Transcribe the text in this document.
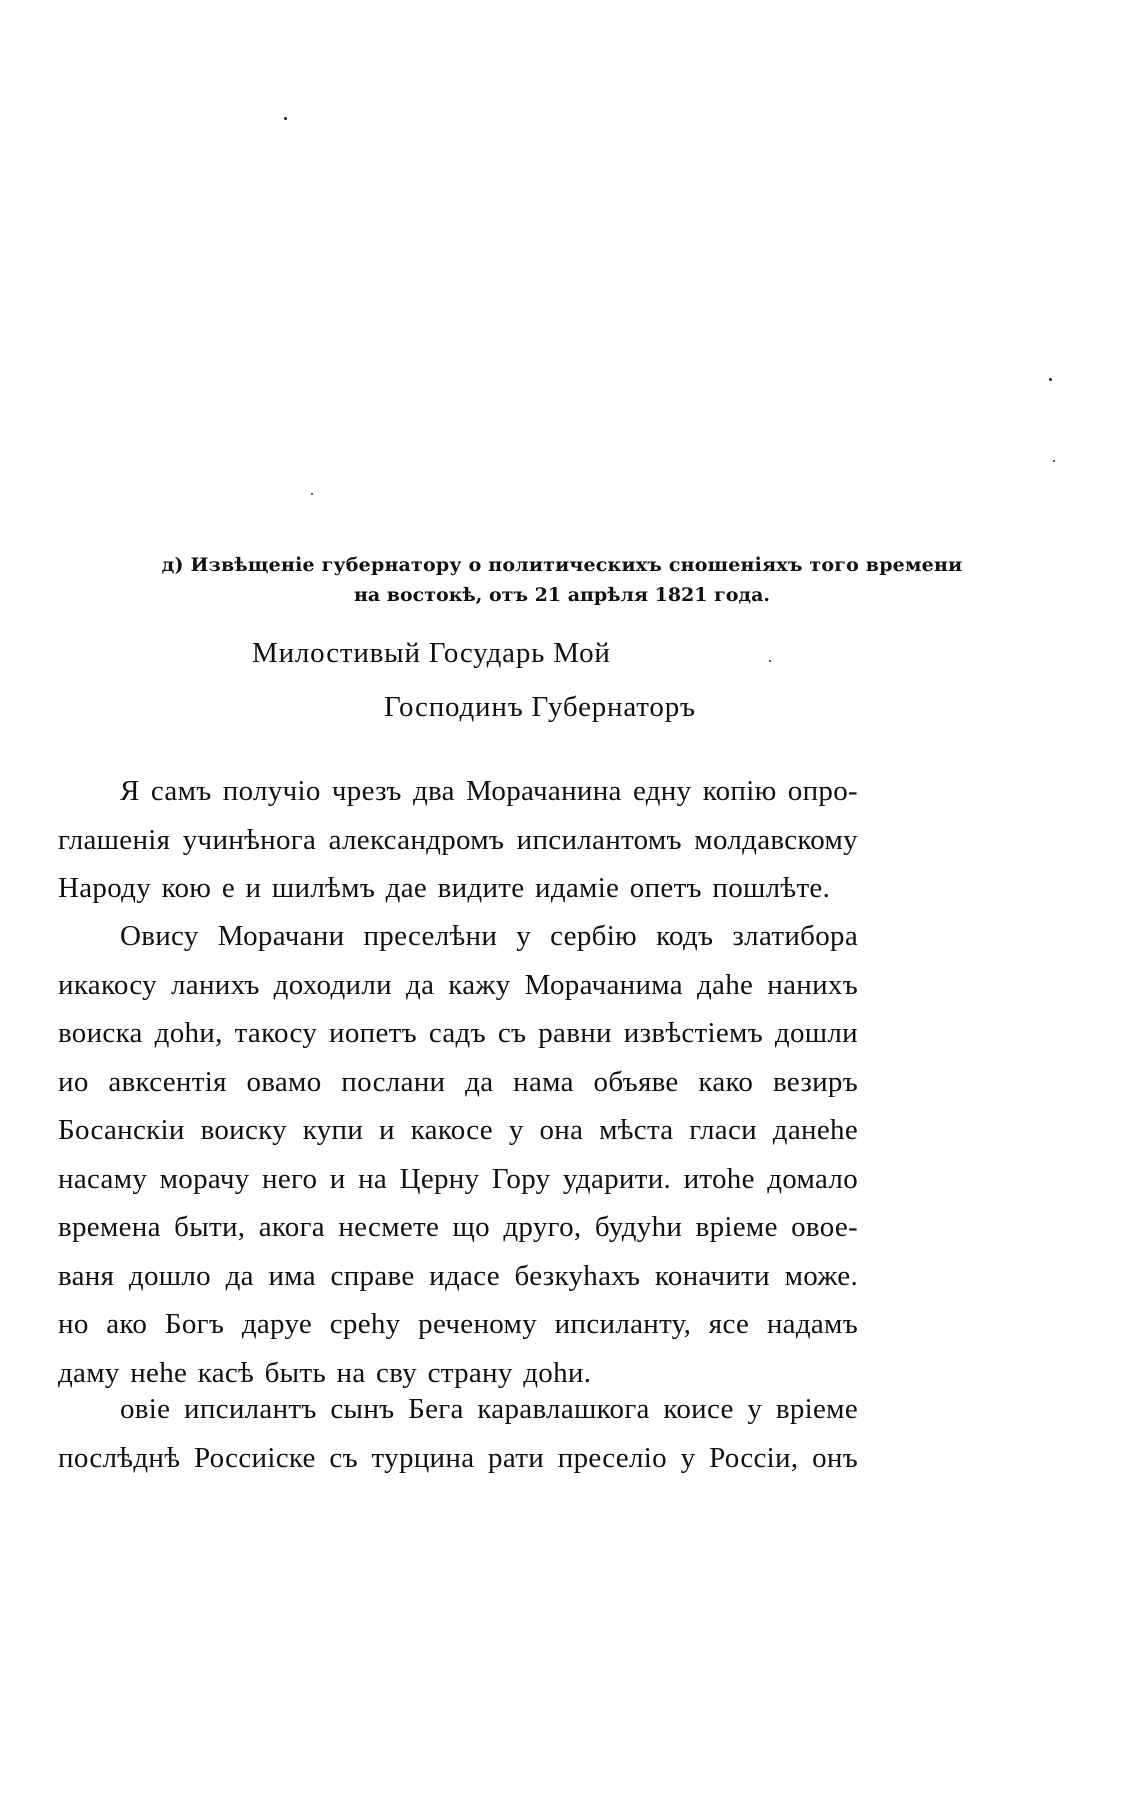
д) Извѣщеніе губернатору о политическихъ сношеніяхъ того времени
на востокѣ, отъ 21 апрѣля 1821 года.
Милостивый Государь Мой
Господинъ Губернаторъ
Я самъ получіо чрезъ два Морачанина едну копію опро-
глашенія учинѣнога александромъ ипсилантомъ молдавскому
Народу кою е и шилѣмъ дае видите идаміе опетъ пошлѣте.
Овису Морачани преселѣни у сербію кодъ златибора
икакосу ланихъ доходили да кажу Морачанима даһе наниxъ
воиска доһи, такосу иопетъ садъ съ равни извѣстіемъ дошли
ио авксентія овамо послани да нама объяве како везиръ
Босанскіи воиску купи и какосе у она мѣста гласи данеһе
насаму морачу него и на Церну Гору ударити. итоһе домало
времена быти, акога несмете що друго, будуһи вріеме овое-
ваня дошло да има справе идасе безкуһахъ коначити може.
но ако Богъ даруе среһу реченому ипсиланту, ясе надамъ
даму неһе касѣ быть на сву страну доһи.
овіе ипсилантъ сынъ Бега каравлашкога коисе у вріеме
послѣднѣ Россиіске съ турцина рати преселіо у Россіи, онъ
